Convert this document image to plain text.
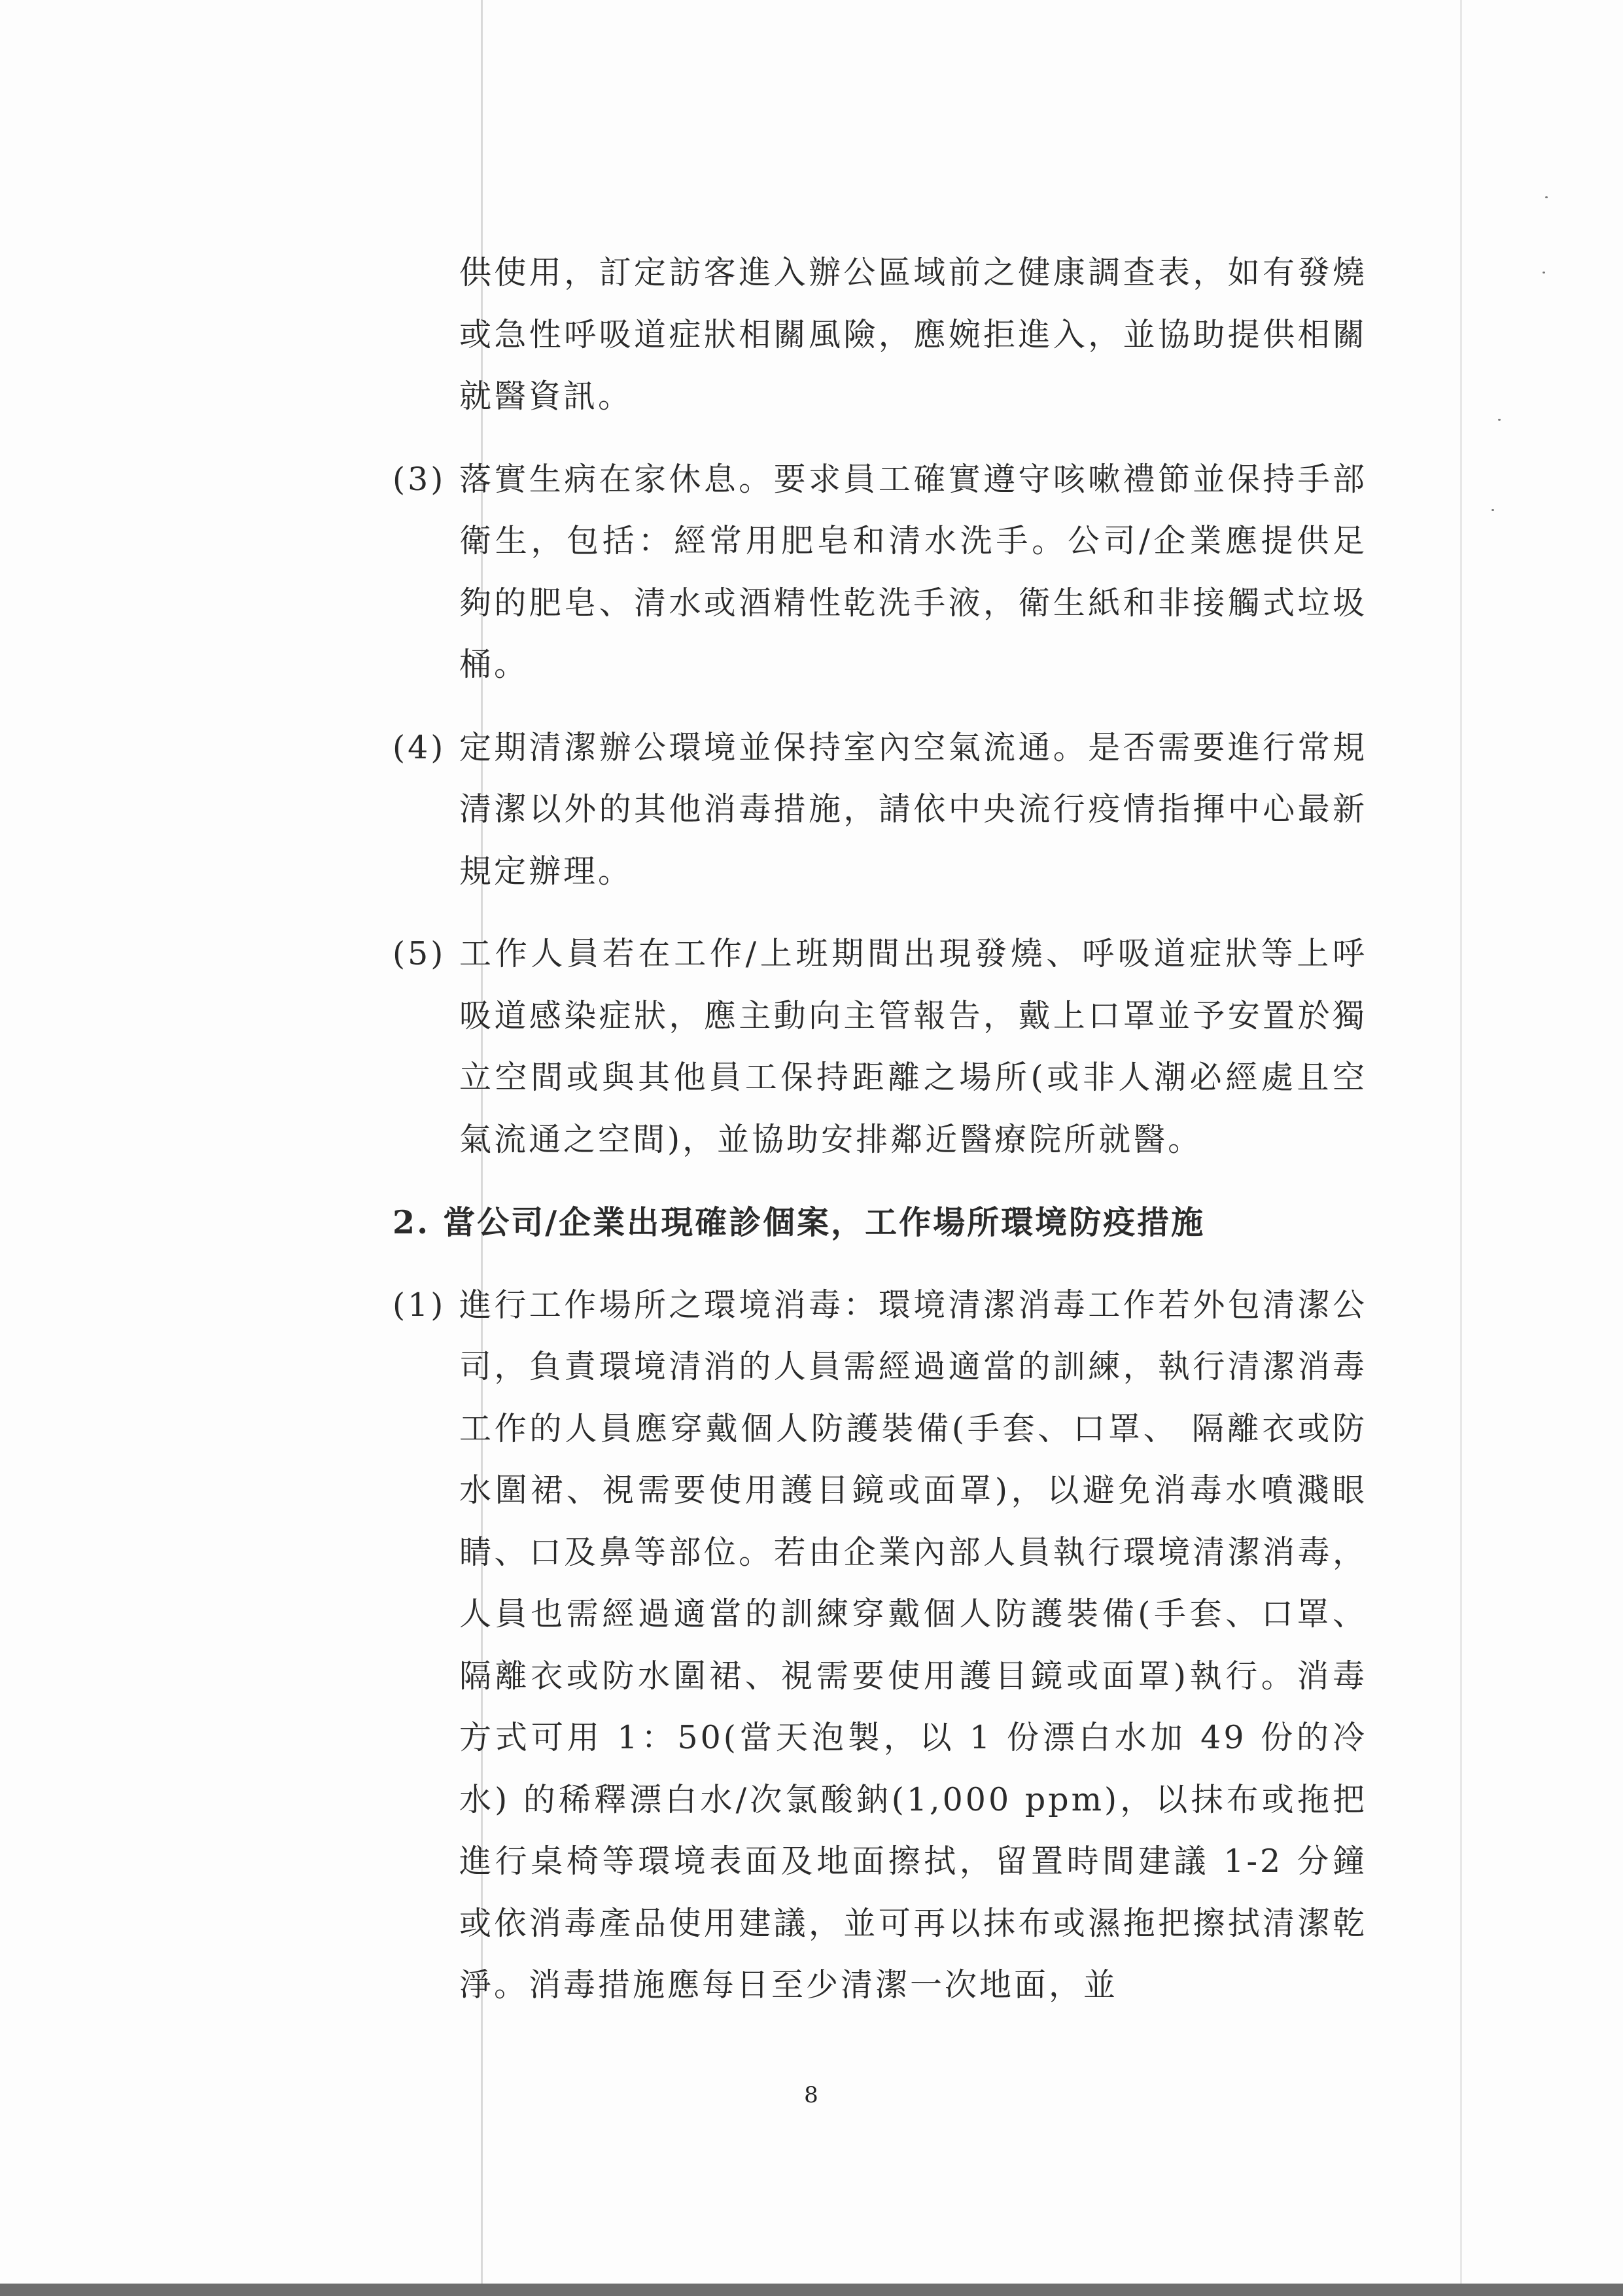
供使用，訂定訪客進入辦公區域前之健康調查表，如有發燒或急性呼吸道症狀相關風險，應婉拒進入，並協助提供相關就醫資訊。
(3) 落實生病在家休息。要求員工確實遵守咳嗽禮節並保持手部衛生，包括：經常用肥皂和清水洗手。公司/企業應提供足夠的肥皂、清水或酒精性乾洗手液，衛生紙和非接觸式垃圾桶。
(4) 定期清潔辦公環境並保持室內空氣流通。是否需要進行常規清潔以外的其他消毒措施，請依中央流行疫情指揮中心最新規定辦理。
(5) 工作人員若在工作/上班期間出現發燒、呼吸道症狀等上呼吸道感染症狀，應主動向主管報告，戴上口罩並予安置於獨立空間或與其他員工保持距離之場所(或非人潮必經處且空氣流通之空間)，並協助安排鄰近醫療院所就醫。
2. 當公司/企業出現確診個案，工作場所環境防疫措施
(1) 進行工作場所之環境消毒：環境清潔消毒工作若外包清潔公司，負責環境清消的人員需經過適當的訓練，執行清潔消毒工作的人員應穿戴個人防護裝備(手套、口罩、 隔離衣或防水圍裙、視需要使用護目鏡或面罩)，以避免消毒水噴濺眼睛、口及鼻等部位。若由企業內部人員執行環境清潔消毒，人員也需經過適當的訓練穿戴個人防護裝備(手套、口罩、 隔離衣或防水圍裙、視需要使用護目鏡或面罩)執行。消毒方式可用 1：50(當天泡製，以 1 份漂白水加 49 份的冷水) 的稀釋漂白水/次氯酸鈉(1,000 ppm)，以抹布或拖把進行桌椅等環境表面及地面擦拭，留置時間建議 1-2 分鐘或依消毒產品使用建議，並可再以抹布或濕拖把擦拭清潔乾淨。消毒措施應每日至少清潔一次地面，並
8
